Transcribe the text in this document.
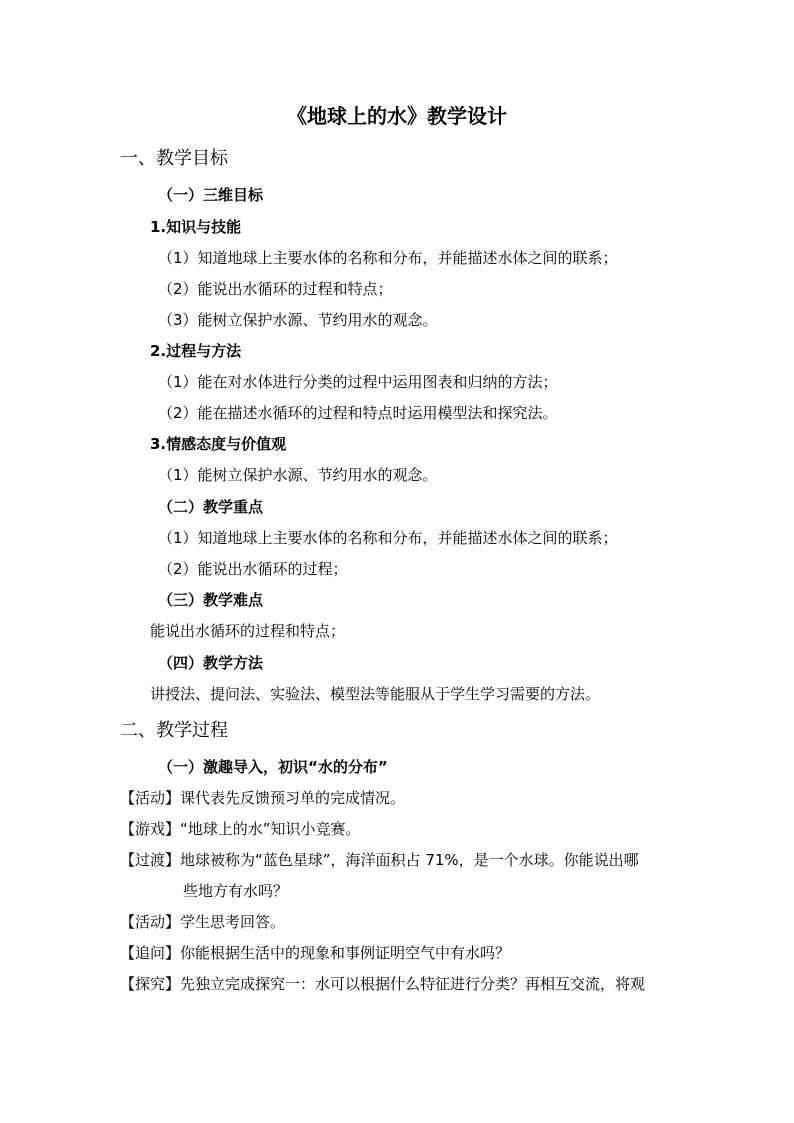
《地球上的水》教学设计
一、教学目标
（一）三维目标
1.知识与技能
（1）知道地球上主要水体的名称和分布，并能描述水体之间的联系；
（2）能说出水循环的过程和特点；
（3）能树立保护水源、节约用水的观念。
2.过程与方法
（1）能在对水体进行分类的过程中运用图表和归纳的方法；
（2）能在描述水循环的过程和特点时运用模型法和探究法。
3.情感态度与价值观
（1）能树立保护水源、节约用水的观念。
（二）教学重点
（1）知道地球上主要水体的名称和分布，并能描述水体之间的联系；
（2）能说出水循环的过程；
（三）教学难点
能说出水循环的过程和特点；
（四）教学方法
讲授法、提问法、实验法、模型法等能服从于学生学习需要的方法。
二、教学过程
（一）激趣导入，初识“水的分布”
【活动】课代表先反馈预习单的完成情况。
【游戏】“地球上的水”知识小竞赛。
【过渡】地球被称为“蓝色星球”，海洋面积占 71%，是一个水球。你能说出哪
些地方有水吗？
【活动】学生思考回答。
【追问】你能根据生活中的现象和事例证明空气中有水吗？
【探究】先独立完成探究一：水可以根据什么特征进行分类？再相互交流，将观
